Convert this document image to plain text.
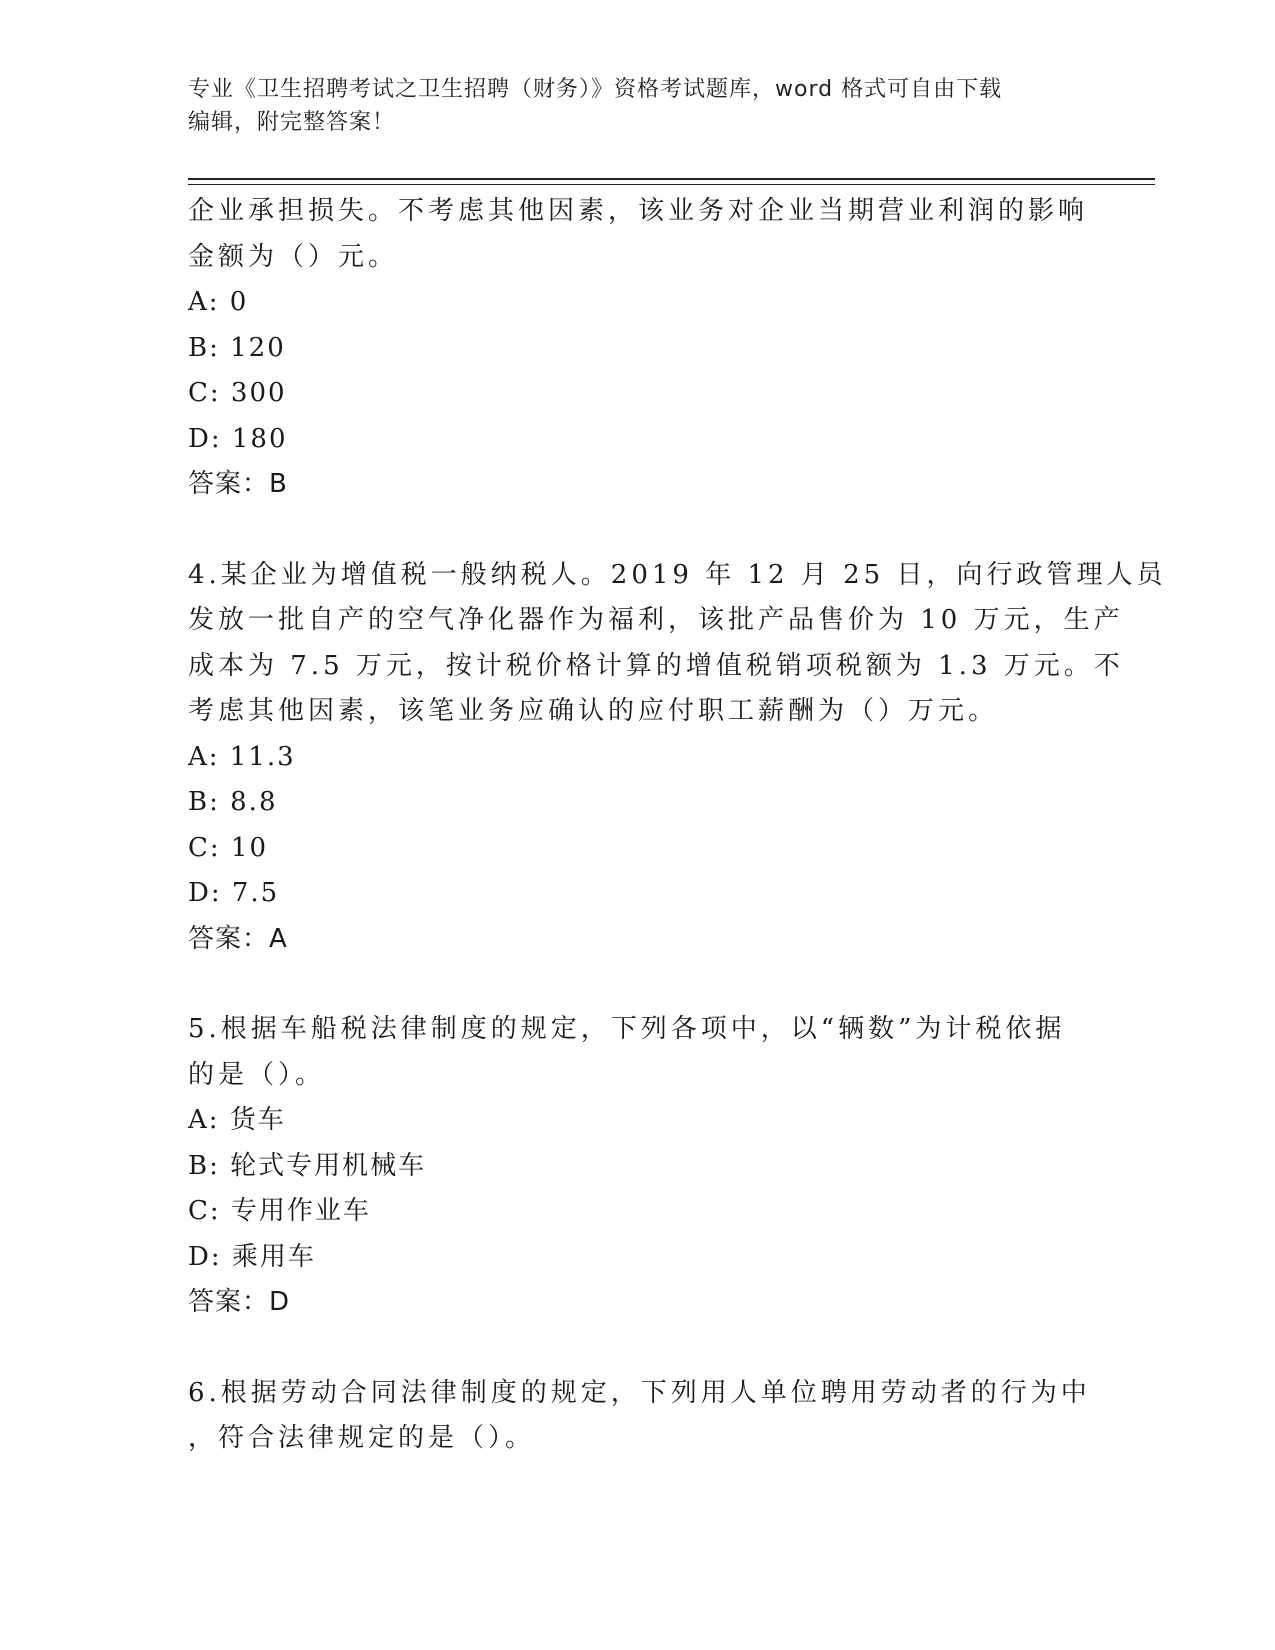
专业《卫生招聘考试之卫生招聘（财务）》资格考试题库，word 格式可自由下载
编辑，附完整答案！
企业承担损失。不考虑其他因素，该业务对企业当期营业利润的影响
金额为（）元。
A: 0
B: 120
C: 300
D: 180
答案：B
4.某企业为增值税一般纳税人。2019 年 12 月 25 日，向行政管理人员
发放一批自产的空气净化器作为福利，该批产品售价为 10 万元，生产
成本为 7.5 万元，按计税价格计算的增值税销项税额为 1.3 万元。不
考虑其他因素，该笔业务应确认的应付职工薪酬为（）万元。
A: 11.3
B: 8.8
C: 10
D: 7.5
答案：A
5.根据车船税法律制度的规定，下列各项中，以“辆数”为计税依据
的是（）。
A: 货车
B: 轮式专用机械车
C: 专用作业车
D: 乘用车
答案：D
6.根据劳动合同法律制度的规定，下列用人单位聘用劳动者的行为中
，符合法律规定的是（）。
